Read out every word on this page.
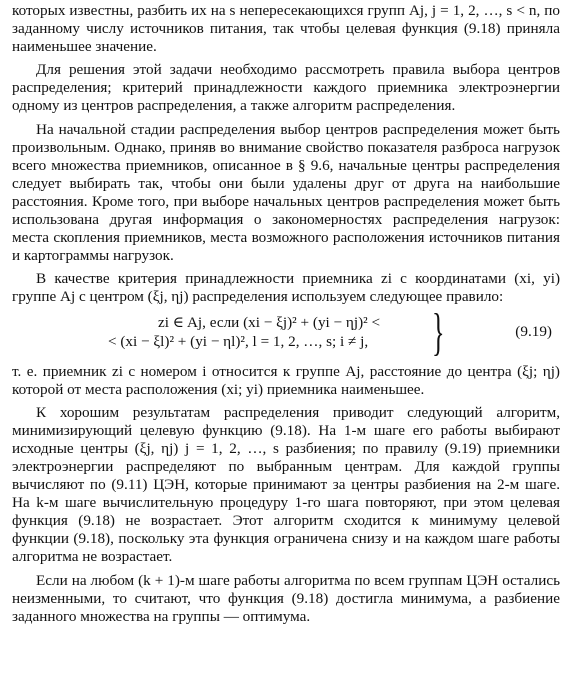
которых известны, разбить их на s непересекающихся групп Aj, j = 1, 2, …, s < n, по заданному числу источников питания, так чтобы целевая функция (9.18) приняла наименьшее значение.

Для решения этой задачи необходимо рассмотреть правила выбора центров распределения; критерий принадлежности каждого приемника электроэнергии одному из центров распределения, а также алгоритм распределения.

На начальной стадии распределения выбор центров распределения может быть произвольным. Однако, приняв во внимание свойство показателя разброса нагрузок всего множества приемников, описанное в § 9.6, начальные центры распределения следует выбирать так, чтобы они были удалены друг от друга на наибольшие расстояния. Кроме того, при выборе начальных центров распределения может быть использована другая информация о закономерностях распределения нагрузок: места скопления приемников, места возможного расположения источников питания и картограммы нагрузок.

В качестве критерия принадлежности приемника zi с координатами (xi, yi) группе Aj с центром (ξj, ηj) распределения используем следующее правило:

zi ∈ Aj, если (xi − ξj)² + (yi − ηj)² <
< (xi − ξl)² + (yi − ηl)², l = 1, 2, …, s; i ≠ j, }	(9.19)

т. е. приемник zi с номером i относится к группе Aj, расстояние до центра (ξj; ηj) которой от места расположения (xi; yi) приемника наименьшее.

К хорошим результатам распределения приводит следующий алгоритм, минимизирующий целевую функцию (9.18). На 1-м шаге его работы выбирают исходные центры (ξj, ηj) j = 1, 2, …, s разбиения; по правилу (9.19) приемники электроэнергии распределяют по выбранным центрам. Для каждой группы вычисляют по (9.11) ЦЭН, которые принимают за центры разбиения на 2-м шаге. На k-м шаге вычислительную процедуру 1-го шага повторяют, при этом целевая функция (9.18) не возрастает. Этот алгоритм сходится к минимуму целевой функции (9.18), поскольку эта функция ограничена снизу и на каждом шаге работы алгоритма не возрастает.

Если на любом (k + 1)-м шаге работы алгоритма по всем группам ЦЭН остались неизменными, то считают, что функция (9.18) достигла минимума, а разбиение заданного множества на группы — оптимума.
